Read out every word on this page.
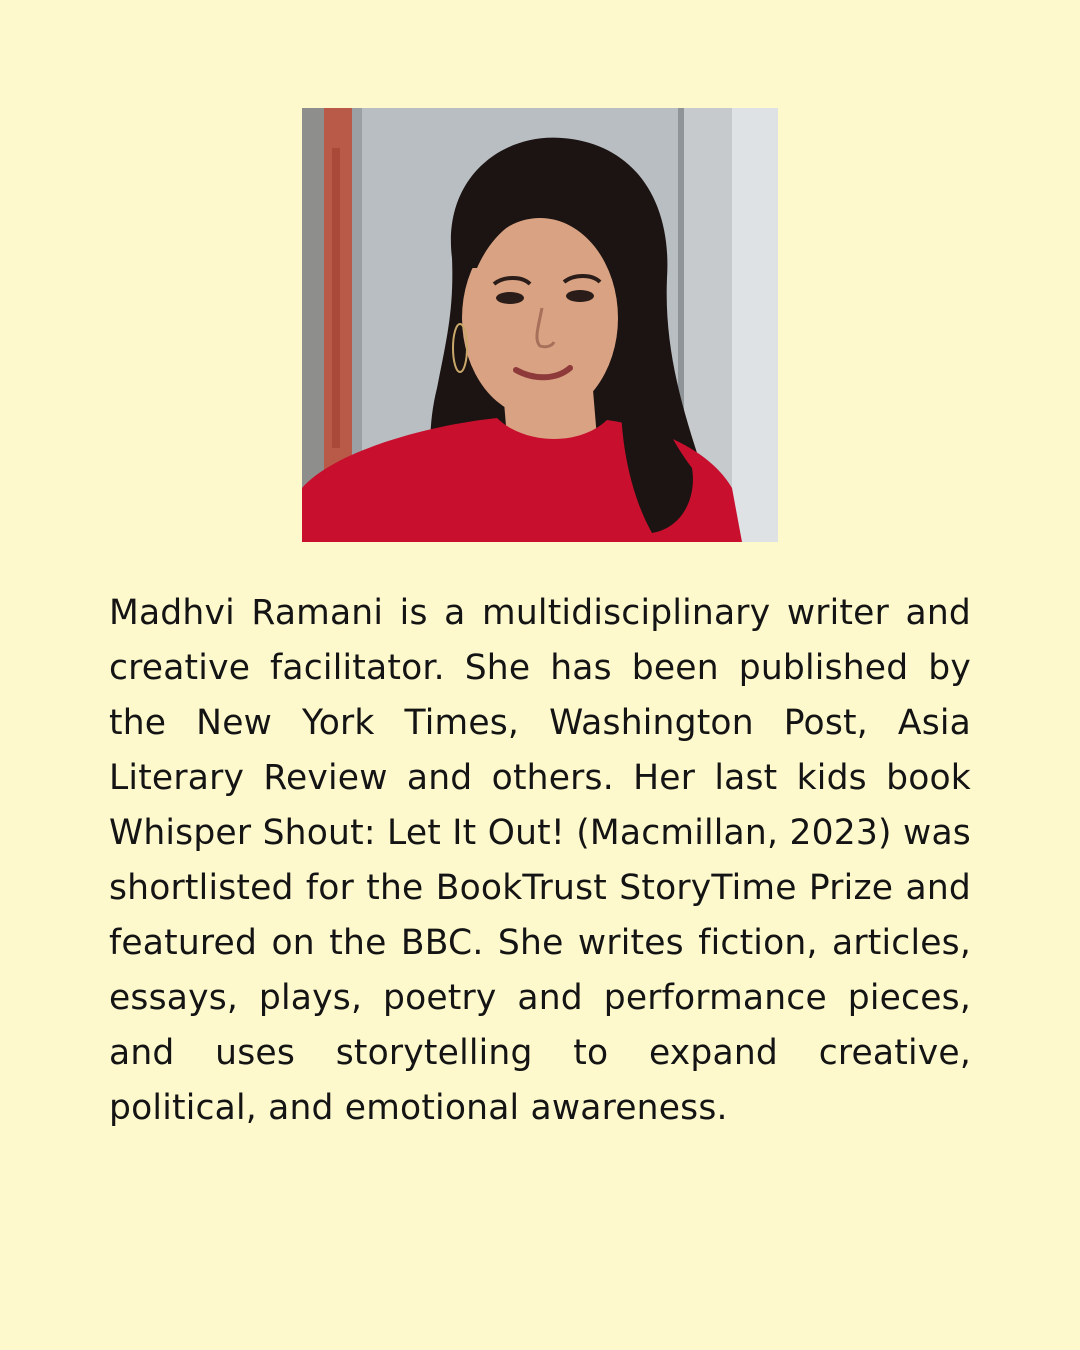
Madhvi Ramani is a multidisciplinary writer and creative facilitator. She has been published by the New York Times, Washington Post, Asia Literary Review and others. Her last kids book Whisper Shout: Let It Out! (Macmillan, 2023) was shortlisted for the BookTrust StoryTime Prize and featured on the BBC. She writes fiction, articles, essays, plays, poetry and performance pieces, and uses storytelling to expand creative, political, and emotional awareness.
